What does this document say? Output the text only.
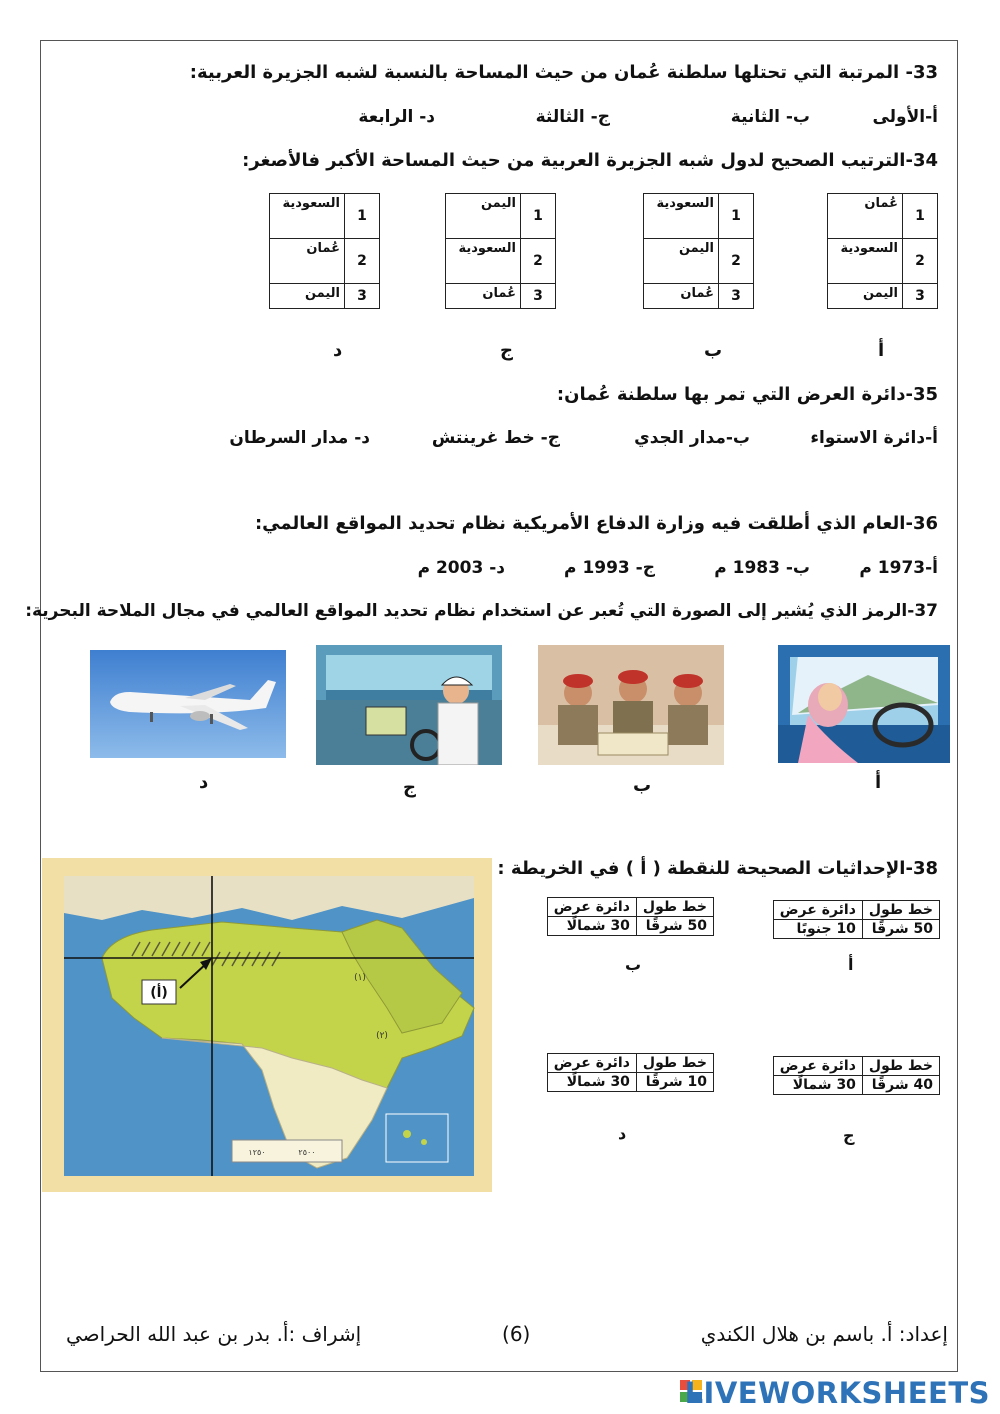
33- المرتبة التي تحتلها سلطنة عُمان من حيث المساحة بالنسبة لشبه الجزيرة العربية:
أ-الأولى
ب- الثانية
ج- الثالثة
د- الرابعة
34-الترتيب الصحيح لدول شبه الجزيرة العربية من حيث المساحة الأكبر فالأصغر:
1	عُمان
2	السعودية
3	اليمن
1	السعودية
2	اليمن
3	عُمان
1	اليمن
2	السعودية
3	عُمان
1	السعودية
2	عُمان
3	اليمن
أ
ب
ج
د
35-دائرة العرض التي تمر بها سلطنة عُمان:
أ-دائرة الاستواء
ب-مدار الجدي
ج- خط غرينتش
د- مدار السرطان
36-العام الذي أطلقت فيه وزارة الدفاع الأمريكية نظام تحديد المواقع العالمي:
أ-1973 م
ب- 1983 م
ج- 1993 م
د- 2003 م
37-الرمز الذي يُشير إلى الصورة التي تُعبر عن استخدام نظام تحديد المواقع العالمي في مجال الملاحة البحرية:
أ
ب
ج
د
38-الإحداثيات الصحيحة للنقطة ( أ ) في الخريطة :
(أ)
(١)
(٢)
١٢٥٠	٢٥٠٠
خط طول	دائرة عرض
50 شرقًا	10 جنوبًا
خط طول	دائرة عرض
50 شرقًا	30 شمالًا
أ
ب
خط طول	دائرة عرض
40 شرقًا	30 شمالًا
خط طول	دائرة عرض
10 شرقًا	30 شمالًا
ج
د
إعداد: أ. باسم بن هلال الكندي
(6)
إشراف :أ. بدر بن عبد الله الحراصي
LIVEWORKSHEETS
